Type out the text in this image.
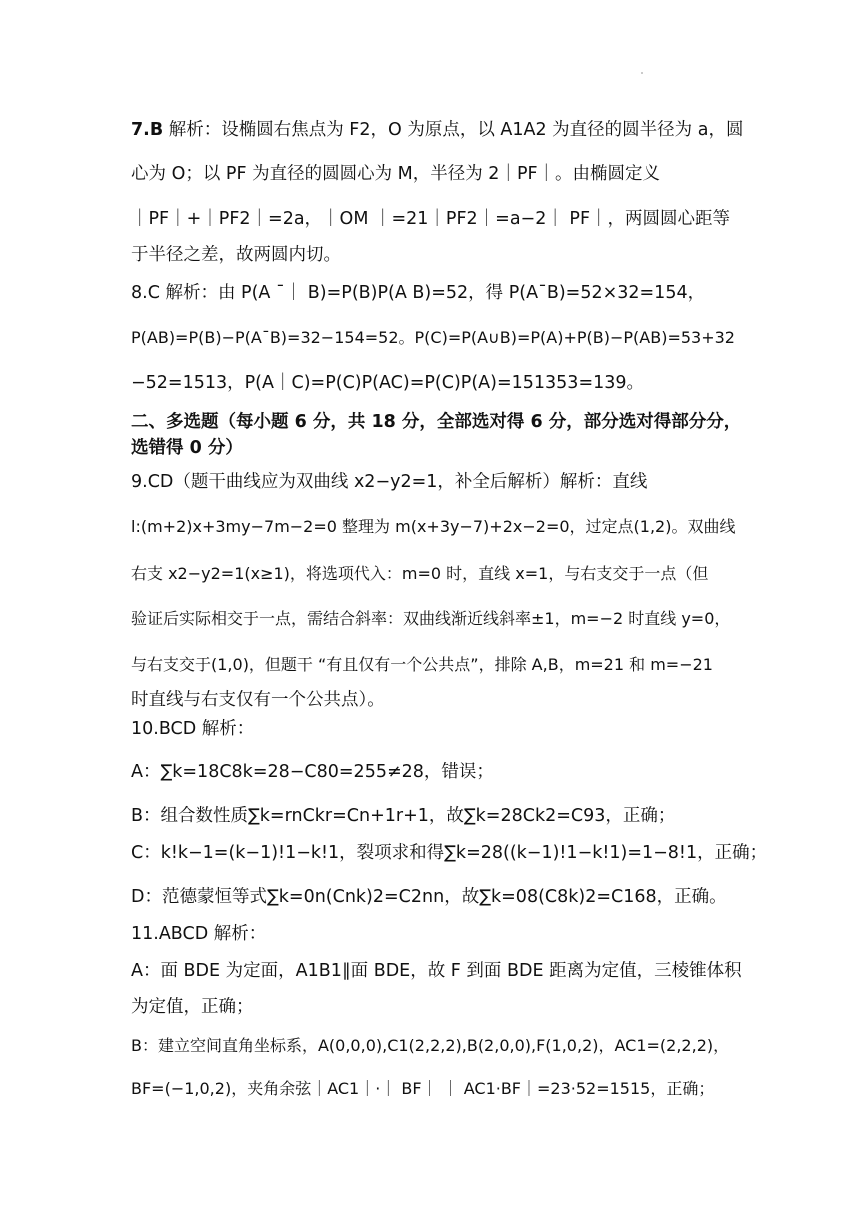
7.B 解析：设椭圆右焦点为 F2，O 为原点，以 A1A2 为直径的圆半径为 a，圆
心为 O；以 PF 为直径的圆圆心为 M，半径为 2｜PF｜。由椭圆定义
｜PF｜+｜PF2｜=2a，｜OM ｜=21｜PF2｜=a−2｜ PF｜，两圆圆心距等
于半径之差，故两圆内切。
8.C 解析：由 P(A ¯｜ B)=P(B)P(A B)=52，得 P(A¯B)=52×32=154，
P(AB)=P(B)−P(A¯B)=32−154=52。P(C)=P(A∪B)=P(A)+P(B)−P(AB)=53+32
−52=1513，P(A｜C)=P(C)P(AC)=P(C)P(A)=151353=139。
二、多选题（每小题 6 分，共 18 分，全部选对得 6 分，部分选对得部分分，
选错得 0 分）
9.CD（题干曲线应为双曲线 x2−y2=1，补全后解析）解析：直线
l:(m+2)x+3my−7m−2=0 整理为 m(x+3y−7)+2x−2=0，过定点(1,2)。双曲线
右支 x2−y2=1(x≥1)，将选项代入：m=0 时，直线 x=1，与右支交于一点（但
验证后实际相交于一点，需结合斜率：双曲线渐近线斜率±1，m=−2 时直线 y=0，
与右支交于(1,0)，但题干 “有且仅有一个公共点”，排除 A,B，m=21 和 m=−21
时直线与右支仅有一个公共点）。
10.BCD 解析：
A：∑k=18C8k=28−C80=255≠28，错误；
B：组合数性质∑k=rnCkr=Cn+1r+1，故∑k=28Ck2=C93，正确；
C：k!k−1=(k−1)!1−k!1，裂项求和得∑k=28((k−1)!1−k!1)=1−8!1，正确；
D：范德蒙恒等式∑k=0n(Cnk)2=C2nn，故∑k=08(C8k)2=C168，正确。
11.ABCD 解析：
A：面 BDE 为定面，A1B1∥面 BDE，故 F 到面 BDE 距离为定值，三棱锥体积
为定值，正确；
B：建立空间直角坐标系，A(0,0,0),C1(2,2,2),B(2,0,0),F(1,0,2)，AC1=(2,2,2)，
BF=(−1,0,2)，夹角余弦｜AC1｜·｜ BF｜ ｜ AC1·BF｜=23·52=1515，正确；
